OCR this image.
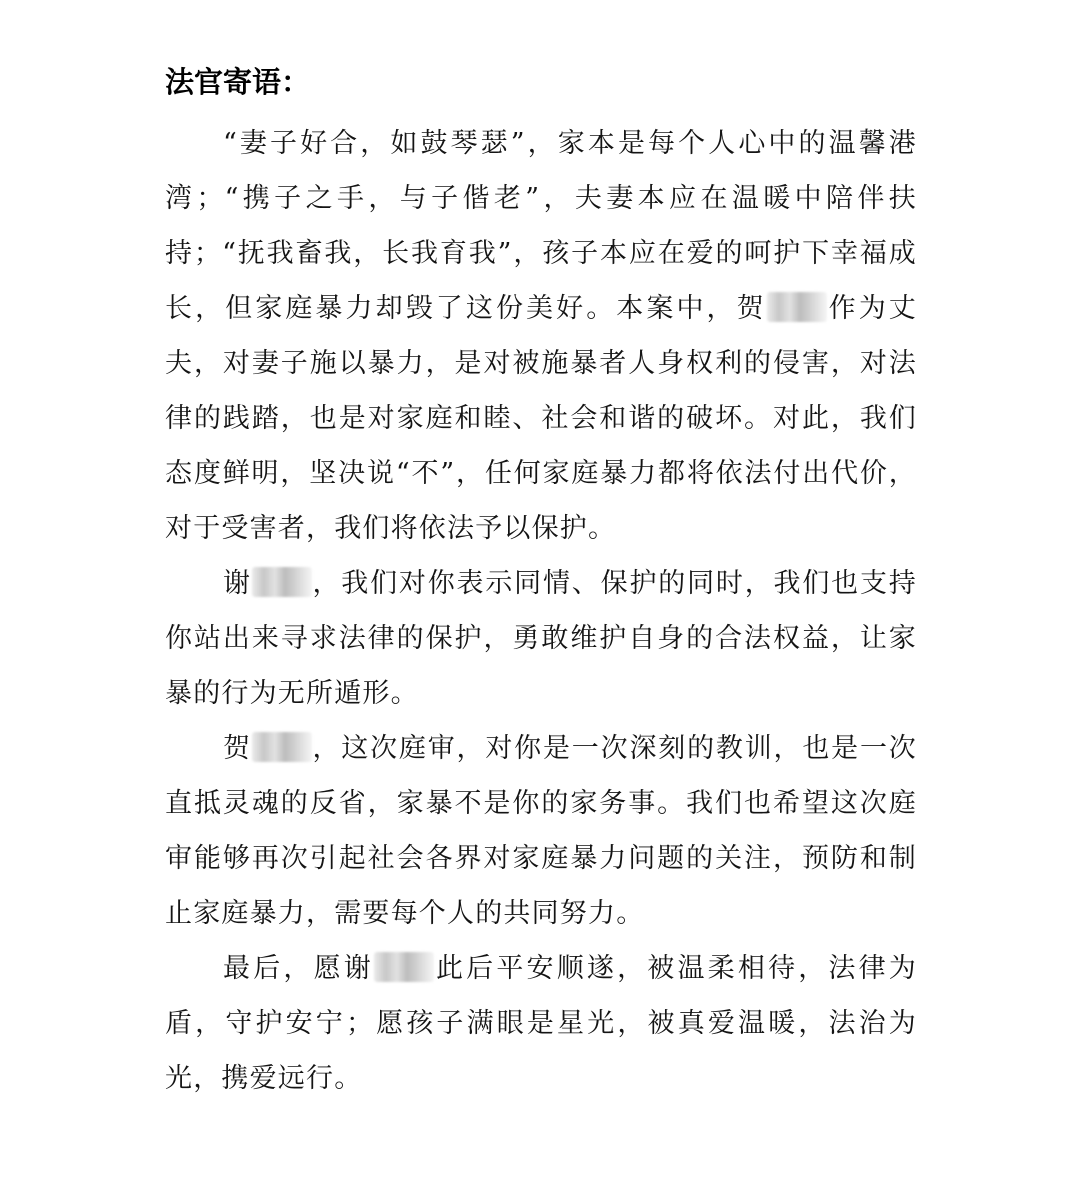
法官寄语：

“妻子好合，如鼓琴瑟”，家本是每个人心中的温馨港湾；“携子之手，与子偕老”，夫妻本应在温暖中陪伴扶持；“抚我畜我，长我育我”，孩子本应在爱的呵护下幸福成长，但家庭暴力却毁了这份美好。本案中，贺 作为丈夫，对妻子施以暴力，是对被施暴者人身权利的侵害，对法律的践踏，也是对家庭和睦、社会和谐的破坏。对此，我们态度鲜明，坚决说“不”，任何家庭暴力都将依法付出代价，对于受害者，我们将依法予以保护。

谢 ，我们对你表示同情、保护的同时，我们也支持你站出来寻求法律的保护，勇敢维护自身的合法权益，让家暴的行为无所遁形。

贺 ，这次庭审，对你是一次深刻的教训，也是一次直抵灵魂的反省，家暴不是你的家务事。我们也希望这次庭审能够再次引起社会各界对家庭暴力问题的关注，预防和制止家庭暴力，需要每个人的共同努力。

最后，愿谢 此后平安顺遂，被温柔相待，法律为盾，守护安宁；愿孩子满眼是星光，被真爱温暖，法治为光，携爱远行。
